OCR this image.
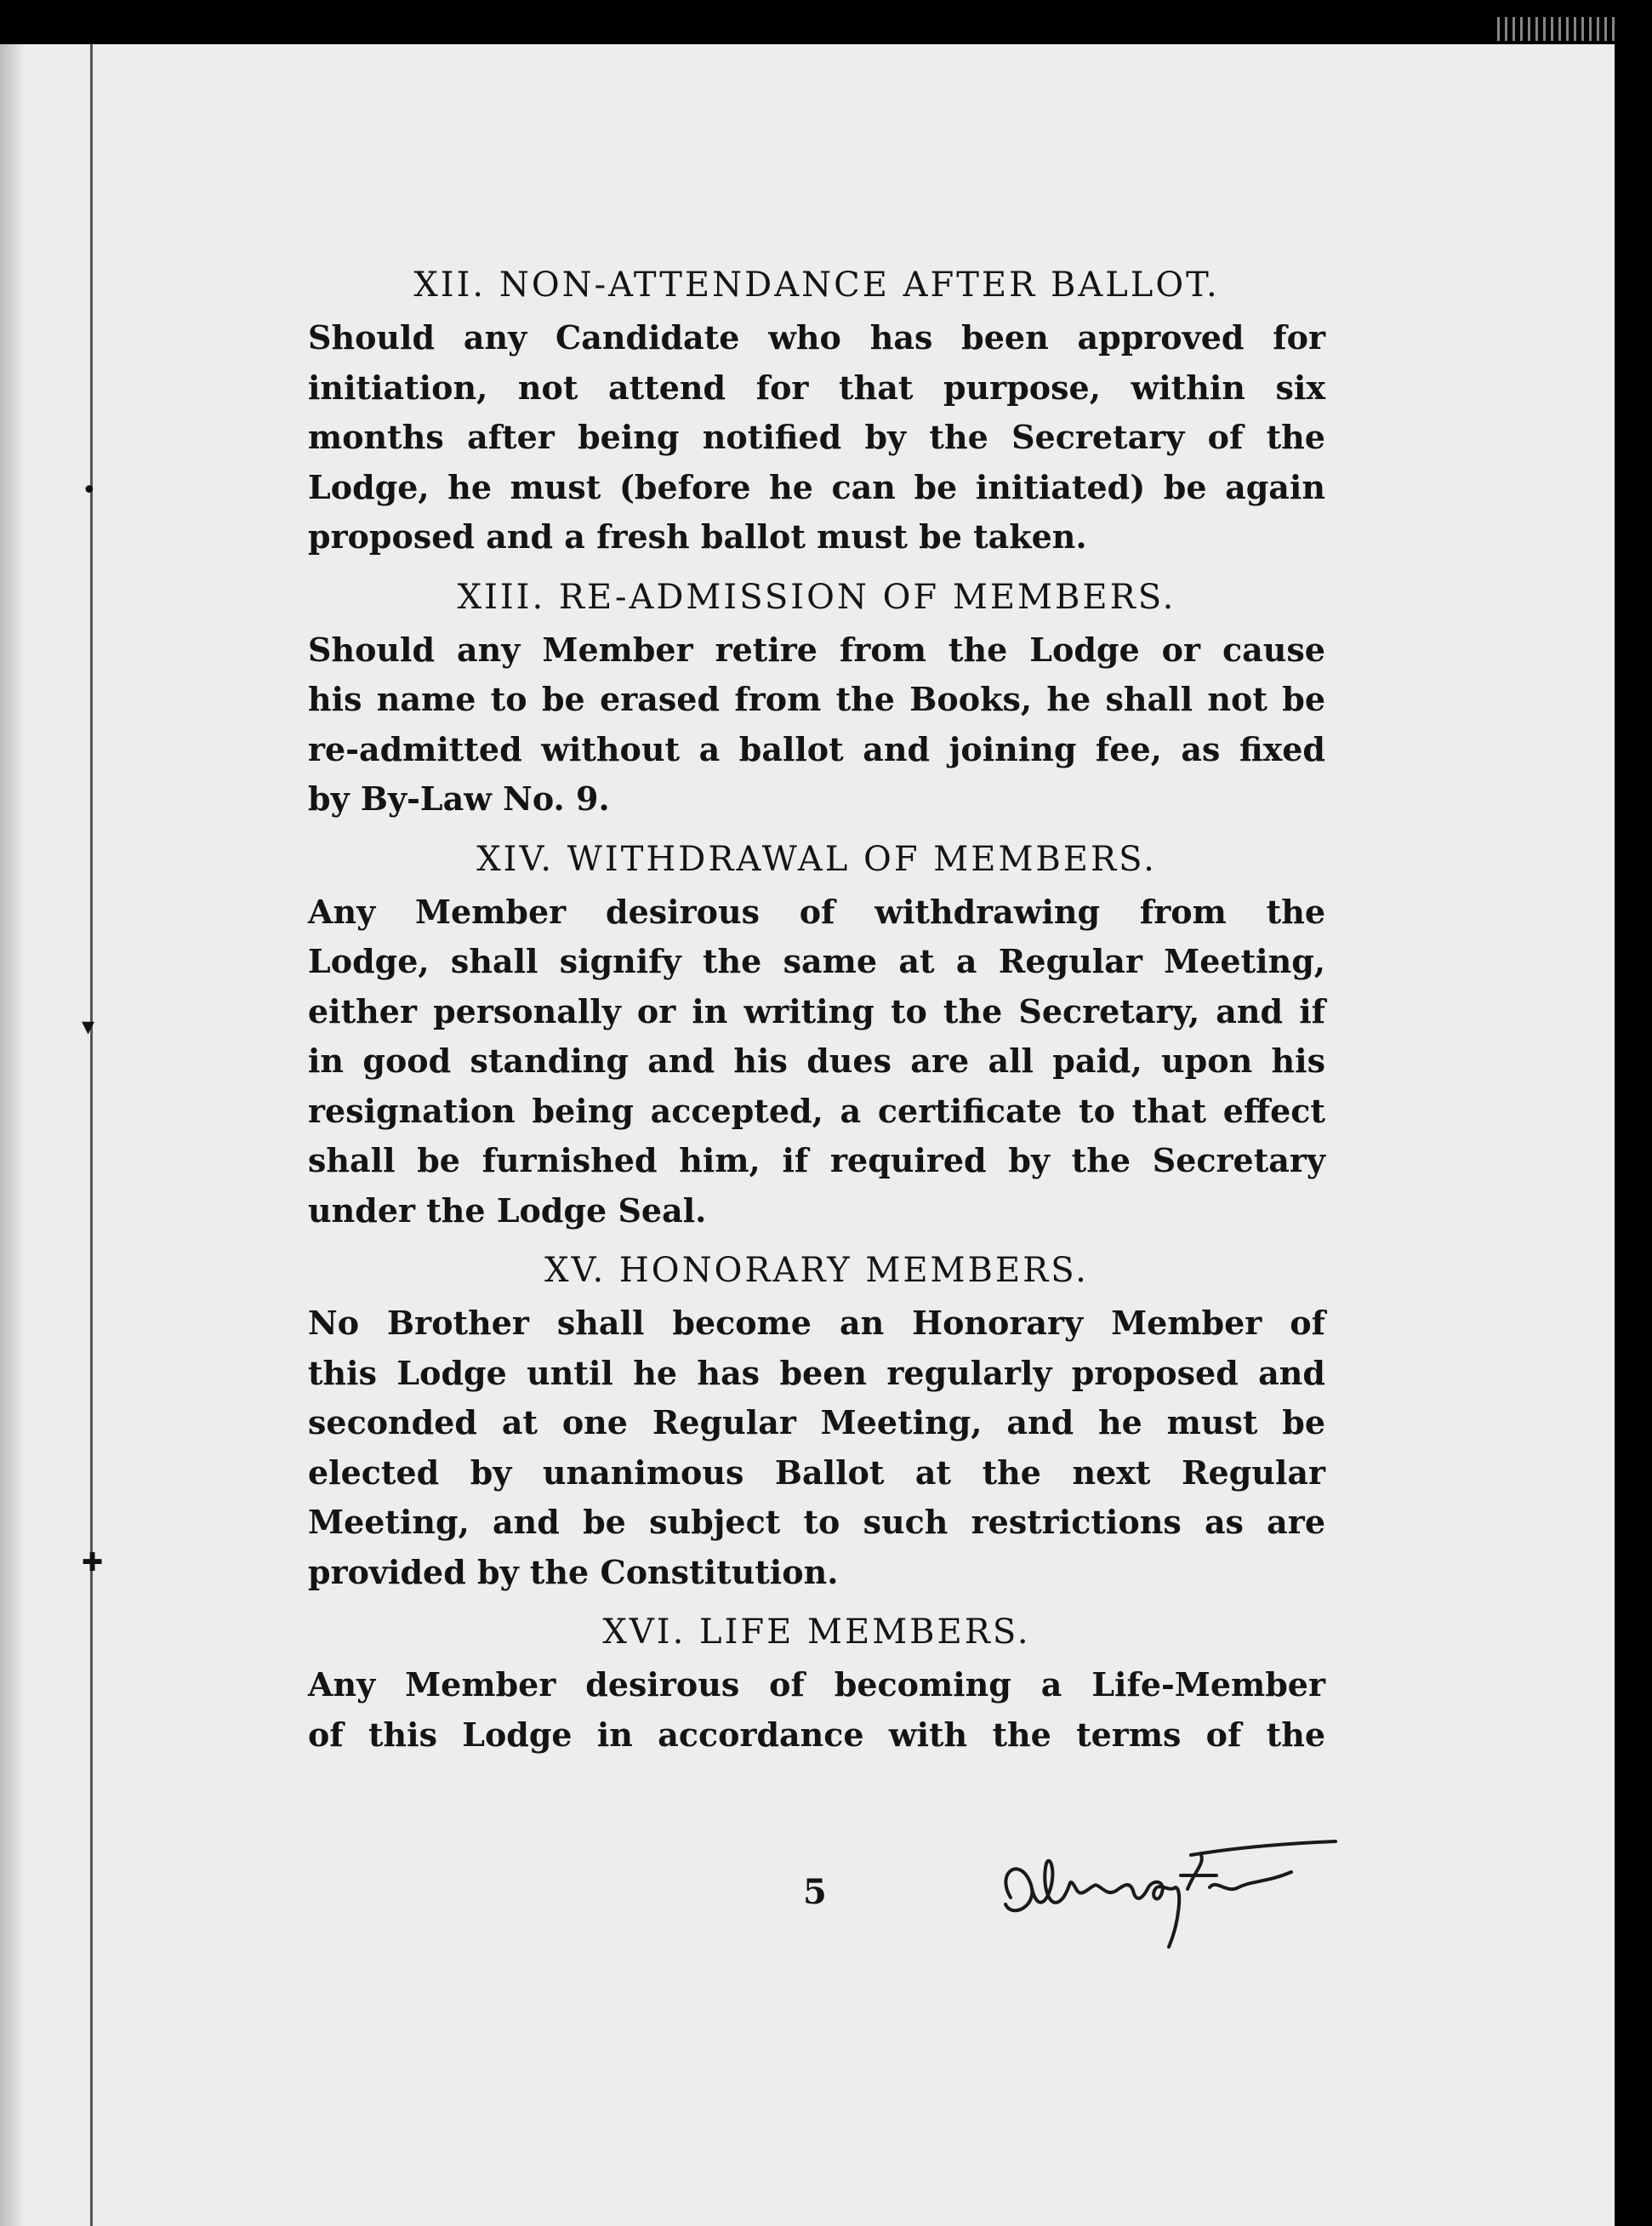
•
▾
✚
XII. NON-ATTENDANCE AFTER BALLOT.
Should any Candidate who has been approved for
initiation, not attend for that purpose, within six
months after being notified by the Secretary of the
Lodge, he must (before he can be initiated) be again
proposed and a fresh ballot must be taken.
XIII. RE-ADMISSION OF MEMBERS.
Should any Member retire from the Lodge or cause
his name to be erased from the Books, he shall not be
re-admitted without a ballot and joining fee, as fixed
by By-Law No. 9.
XIV. WITHDRAWAL OF MEMBERS.
Any Member desirous of withdrawing from the
Lodge, shall signify the same at a Regular Meeting,
either personally or in writing to the Secretary, and if
in good standing and his dues are all paid, upon his
resignation being accepted, a certificate to that effect
shall be furnished him, if required by the Secretary
under the Lodge Seal.
XV. HONORARY MEMBERS.
No Brother shall become an Honorary Member of
this Lodge until he has been regularly proposed and
seconded at one Regular Meeting, and he must be
elected by unanimous Ballot at the next Regular
Meeting, and be subject to such restrictions as are
provided by the Constitution.
XVI. LIFE MEMBERS.
Any Member desirous of becoming a Life-Member
of this Lodge in accordance with the terms of the
5
